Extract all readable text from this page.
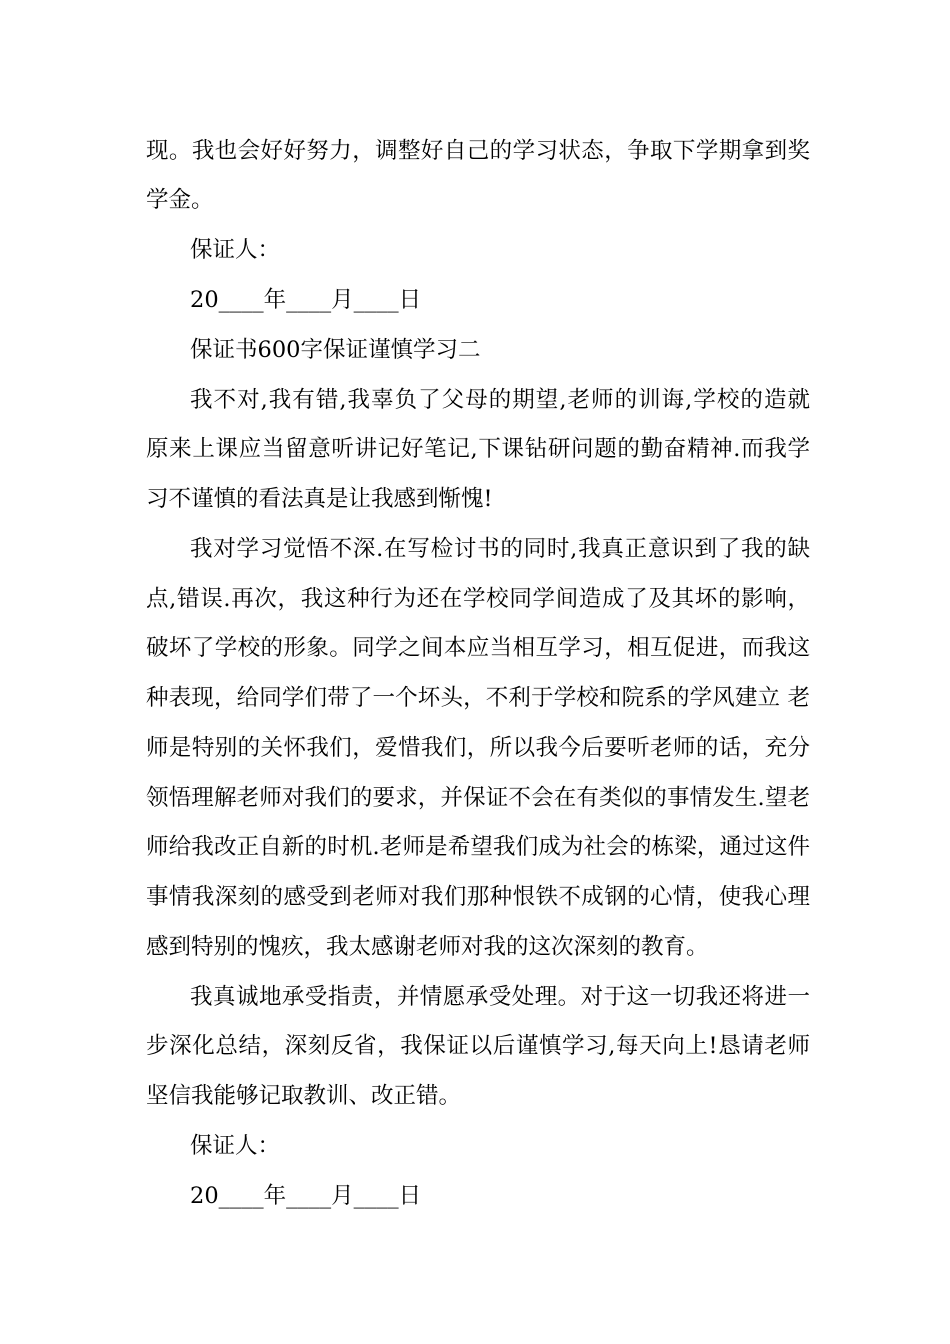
现。我也会好好努力，调整好自己的学习状态，争取下学期拿到奖
学金。
保证人：
20____年____月____日
保证书600字保证谨慎学习二
我不对,我有错,我辜负了父母的期望,老师的训诲,学校的造就
原来上课应当留意听讲记好笔记,下课钻研问题的勤奋精神.而我学
习不谨慎的看法真是让我感到惭愧!
我对学习觉悟不深.在写检讨书的同时,我真正意识到了我的缺
点,错误.再次，我这种行为还在学校同学间造成了及其坏的影响，
破坏了学校的形象。同学之间本应当相互学习，相互促进，而我这
种表现，给同学们带了一个坏头，不利于学校和院系的学风建立 老
师是特别的关怀我们，爱惜我们，所以我今后要听老师的话，充分
领悟理解老师对我们的要求，并保证不会在有类似的事情发生.望老
师给我改正自新的时机.老师是希望我们成为社会的栋梁，通过这件
事情我深刻的感受到老师对我们那种恨铁不成钢的心情，使我心理
感到特别的愧疚，我太感谢老师对我的这次深刻的教育。
我真诚地承受指责，并情愿承受处理。对于这一切我还将进一
步深化总结，深刻反省，我保证以后谨慎学习,每天向上!恳请老师
坚信我能够记取教训、改正错。
保证人：
20____年____月____日
